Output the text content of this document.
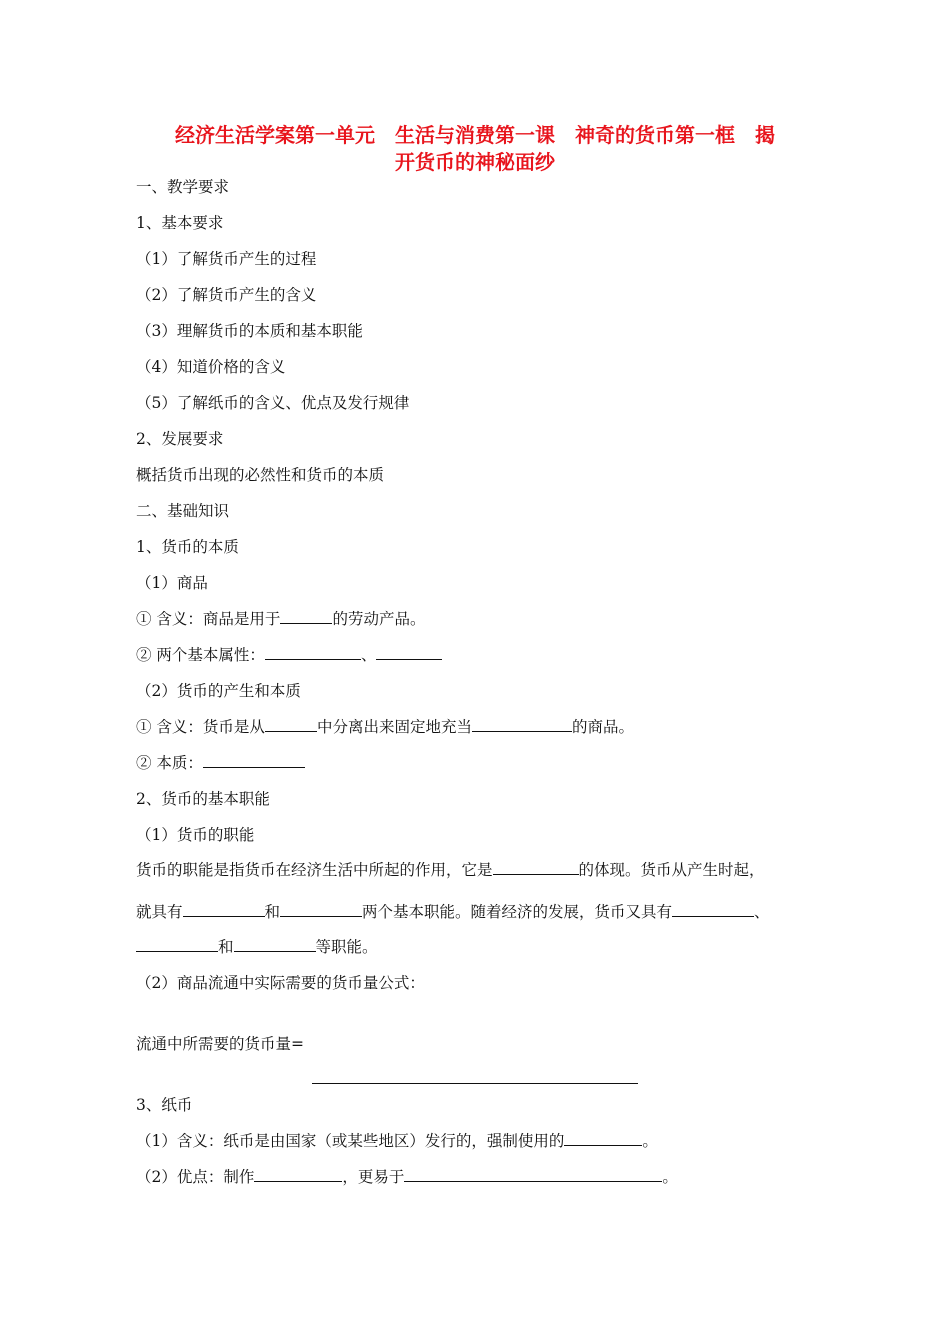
经济生活学案第一单元　生活与消费第一课　神奇的货币第一框　揭
开货币的神秘面纱
一、教学要求
1、基本要求
（1）了解货币产生的过程
（2）了解货币产生的含义
（3）理解货币的本质和基本职能
（4）知道价格的含义
（5）了解纸币的含义、优点及发行规律
2、发展要求
概括货币出现的必然性和货币的本质
二、基础知识
1、货币的本质
（1）商品
① 含义：商品是用于	的劳动产品。
② 两个基本属性：	、
（2）货币的产生和本质
① 含义：货币是从	中分离出来固定地充当	的商品。
② 本质：
2、货币的基本职能
（1）货币的职能
货币的职能是指货币在经济生活中所起的作用，它是	的体现。货币从产生时起，
就具有	和	两个基本职能。随着经济的发展，货币又具有	、
和	等职能。
（2）商品流通中实际需要的货币量公式：
流通中所需要的货币量=
3、纸币
（1）含义：纸币是由国家（或某些地区）发行的，强制使用的	。
（2）优点：制作	，更易于	。
